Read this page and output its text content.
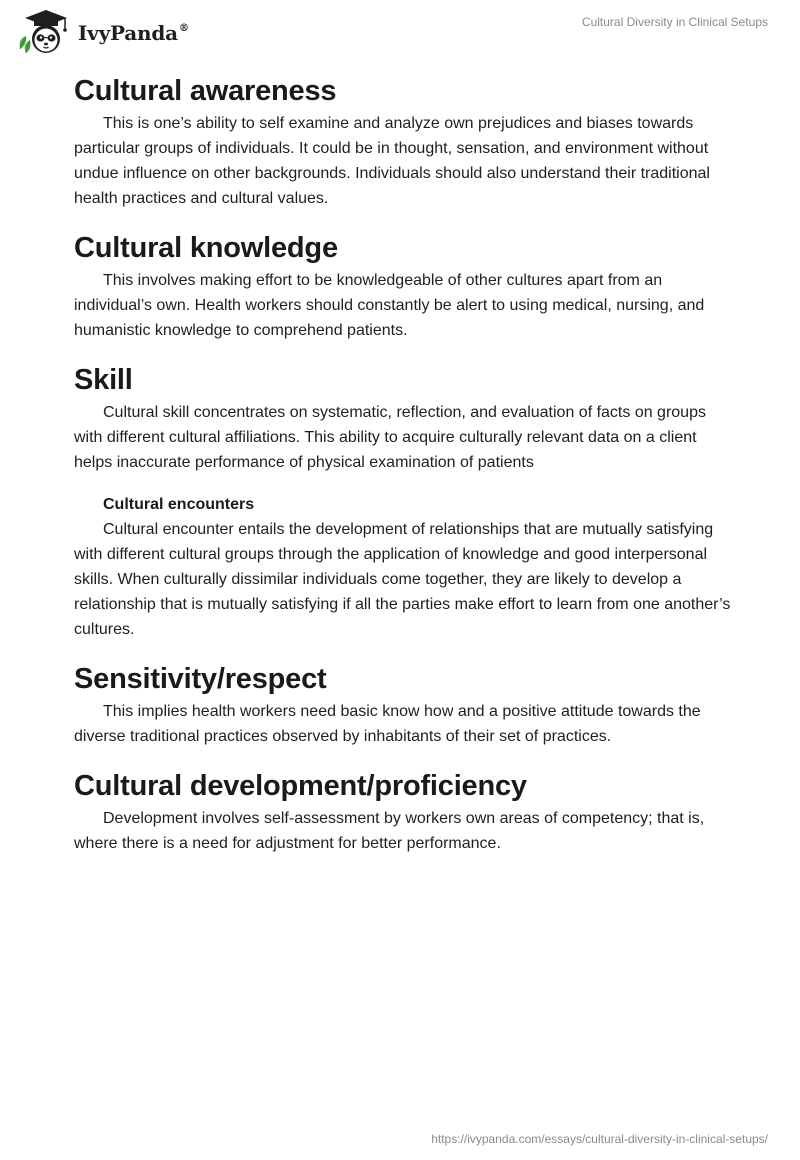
IvyPanda®	Cultural Diversity in Clinical Setups
Cultural awareness

This is one’s ability to self examine and analyze own prejudices and biases towards particular groups of individuals. It could be in thought, sensation, and environment without undue influence on other backgrounds. Individuals should also understand their traditional health practices and cultural values.

Cultural knowledge

This involves making effort to be knowledgeable of other cultures apart from an individual’s own. Health workers should constantly be alert to using medical, nursing, and humanistic knowledge to comprehend patients.

Skill

Cultural skill concentrates on systematic, reflection, and evaluation of facts on groups with different cultural affiliations. This ability to acquire culturally relevant data on a client helps inaccurate performance of physical examination of patients

Cultural encounters

Cultural encounter entails the development of relationships that are mutually satisfying with different cultural groups through the application of knowledge and good interpersonal skills. When culturally dissimilar individuals come together, they are likely to develop a relationship that is mutually satisfying if all the parties make effort to learn from one another’s cultures.

Sensitivity/respect

This implies health workers need basic know how and a positive attitude towards the diverse traditional practices observed by inhabitants of their set of practices.

Cultural development/proficiency

Development involves self-assessment by workers own areas of competency; that is, where there is a need for adjustment for better performance.

https://ivypanda.com/essays/cultural-diversity-in-clinical-setups/
